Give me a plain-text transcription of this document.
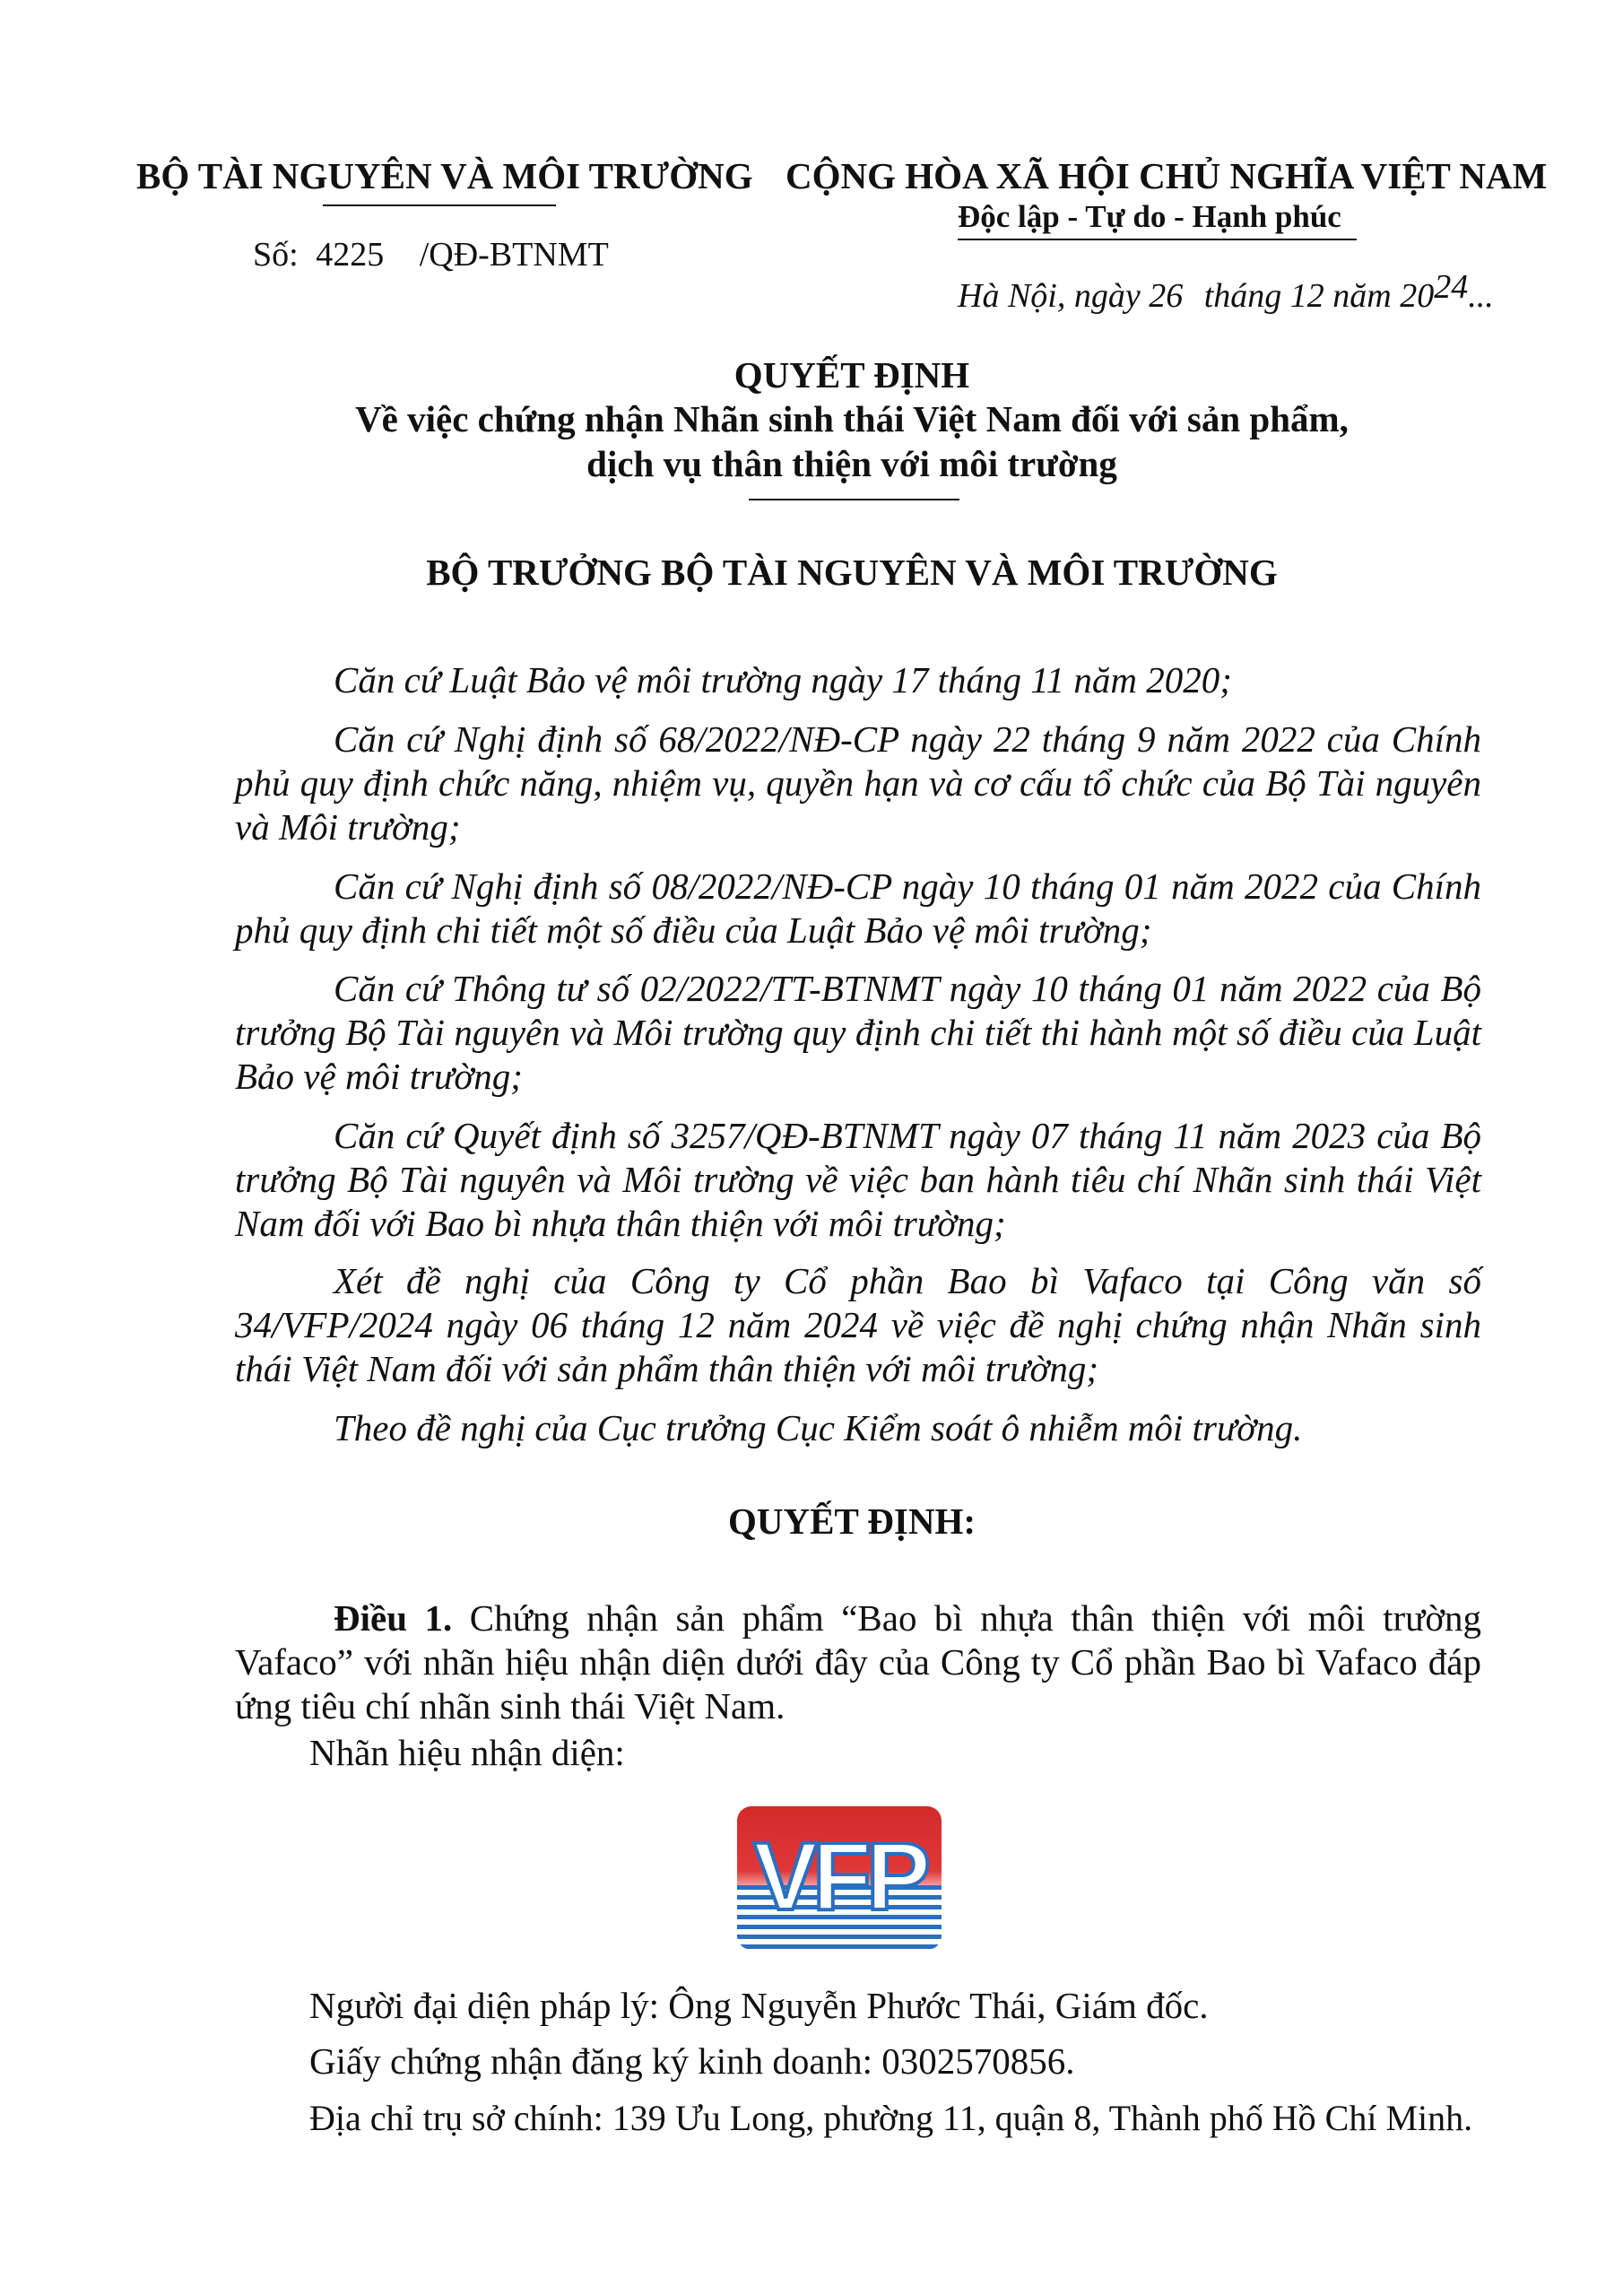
BỘ TÀI NGUYÊN VÀ MÔI TRƯỜNG CỘNG HÒA XÃ HỘI CHỦ NGHĨA VIỆT NAM
Độc lập - Tự do - Hạnh phúc
Số: 4225 /QĐ-BTNMT
Hà Nội, ngày 26 tháng 12 năm 2024...
QUYẾT ĐỊNH
Về việc chứng nhận Nhãn sinh thái Việt Nam đối với sản phẩm,
dịch vụ thân thiện với môi trường
BỘ TRƯỞNG BỘ TÀI NGUYÊN VÀ MÔI TRƯỜNG
Căn cứ Luật Bảo vệ môi trường ngày 17 tháng 11 năm 2020;
Căn cứ Nghị định số 68/2022/NĐ-CP ngày 22 tháng 9 năm 2022 của Chính phủ quy định chức năng, nhiệm vụ, quyền hạn và cơ cấu tổ chức của Bộ Tài nguyên và Môi trường;
Căn cứ Nghị định số 08/2022/NĐ-CP ngày 10 tháng 01 năm 2022 của Chính phủ quy định chi tiết một số điều của Luật Bảo vệ môi trường;
Căn cứ Thông tư số 02/2022/TT-BTNMT ngày 10 tháng 01 năm 2022 của Bộ trưởng Bộ Tài nguyên và Môi trường quy định chi tiết thi hành một số điều của Luật Bảo vệ môi trường;
Căn cứ Quyết định số 3257/QĐ-BTNMT ngày 07 tháng 11 năm 2023 của Bộ trưởng Bộ Tài nguyên và Môi trường về việc ban hành tiêu chí Nhãn sinh thái Việt Nam đối với Bao bì nhựa thân thiện với môi trường;
Xét đề nghị của Công ty Cổ phần Bao bì Vafaco tại Công văn số 34/VFP/2024 ngày 06 tháng 12 năm 2024 về việc đề nghị chứng nhận Nhãn sinh thái Việt Nam đối với sản phẩm thân thiện với môi trường;
Theo đề nghị của Cục trưởng Cục Kiểm soát ô nhiễm môi trường.
QUYẾT ĐỊNH:
Điều 1. Chứng nhận sản phẩm “Bao bì nhựa thân thiện với môi trường Vafaco” với nhãn hiệu nhận diện dưới đây của Công ty Cổ phần Bao bì Vafaco đáp ứng tiêu chí nhãn sinh thái Việt Nam.
Nhãn hiệu nhận diện:
VFP
Người đại diện pháp lý: Ông Nguyễn Phước Thái, Giám đốc.
Giấy chứng nhận đăng ký kinh doanh: 0302570856.
Địa chỉ trụ sở chính: 139 Ưu Long, phường 11, quận 8, Thành phố Hồ Chí Minh.
